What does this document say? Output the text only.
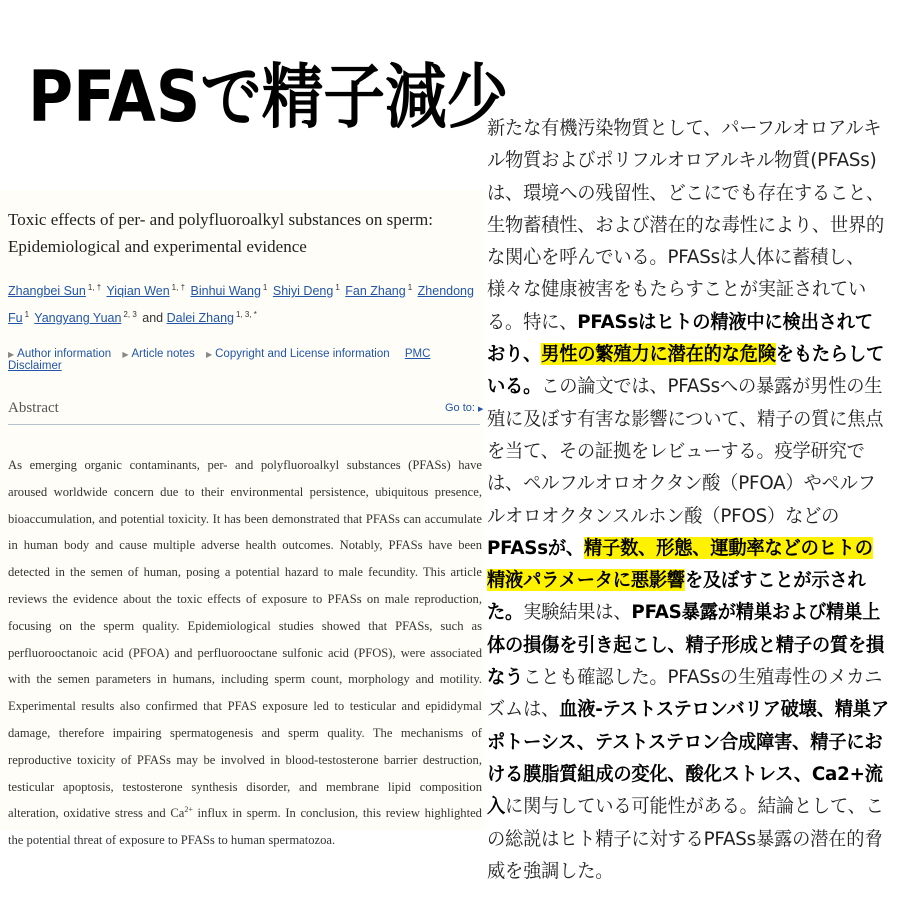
PFASで精子減少
Toxic effects of per- and polyfluoroalkyl substances on sperm: Epidemiological and experimental evidence
Zhangbei Sun $^{1, \dagger}$ Yiqian Wen $^{1, \dagger}$ Binhui Wang $^1$ Shiyi Deng $^1$ Fan Zhang $^1$ Zhendong Fu $^1$ Yangyang Yuan $^{2, 3}$ and Dalei Zhang $^{1, 3, *}$
▶ Author information ▶ Article notes ▶ Copyright and License information PMC Disclaimer
Abstract	Go to: ▶
As emerging organic contaminants, per- and polyfluoroalkyl substances (PFASs) have aroused worldwide concern due to their environmental persistence, ubiquitous presence, bioaccumulation, and potential toxicity. It has been demonstrated that PFASs can accumulate in human body and cause multiple adverse health outcomes. Notably, PFASs have been detected in the semen of human, posing a potential hazard to male fecundity. This article reviews the evidence about the toxic effects of exposure to PFASs on male reproduction, focusing on the sperm quality. Epidemiological studies showed that PFASs, such as perfluorooctanoic acid (PFOA) and perfluorooctane sulfonic acid (PFOS), were associated with the semen parameters in humans, including sperm count, morphology and motility. Experimental results also confirmed that PFAS exposure led to testicular and epididymal damage, therefore impairing spermatogenesis and sperm quality. The mechanisms of reproductive toxicity of PFASs may be involved in blood-testosterone barrier destruction, testicular apoptosis, testosterone synthesis disorder, and membrane lipid composition alteration, oxidative stress and $Ca^{2+}$ influx in sperm. In conclusion, this review highlighted the potential threat of exposure to PFASs to human spermatozoa.
新たな有機汚染物質として、パーフルオロアルキル物質およびポリフルオロアルキル物質(PFASs)は、環境への残留性、どこにでも存在すること、生物蓄積性、および潜在的な毒性により、世界的な関心を呼んでいる。PFASsは人体に蓄積し、様々な健康被害をもたらすことが実証されている。特に、PFASsはヒトの精液中に検出されており、男性の繁殖力に潜在的な危険をもたらしている。この論文では、PFASsへの暴露が男性の生殖に及ぼす有害な影響について、精子の質に焦点を当て、その証拠をレビューする。疫学研究では、ペルフルオロオクタン酸（PFOA）やペルフルオロオクタンスルホン酸（PFOS）などのPFASsが、精子数、形態、運動率などのヒトの精液パラメータに悪影響を及ぼすことが示された。実験結果は、PFAS暴露が精巣および精巣上体の損傷を引き起こし、精子形成と精子の質を損なうことも確認した。PFASsの生殖毒性のメカニズムは、血液-テストステロンバリア破壊、精巣アポトーシス、テストステロン合成障害、精子における膜脂質組成の変化、酸化ストレス、Ca2+流入に関与している可能性がある。結論として、この総説はヒト精子に対するPFASs暴露の潜在的脅威を強調した。
